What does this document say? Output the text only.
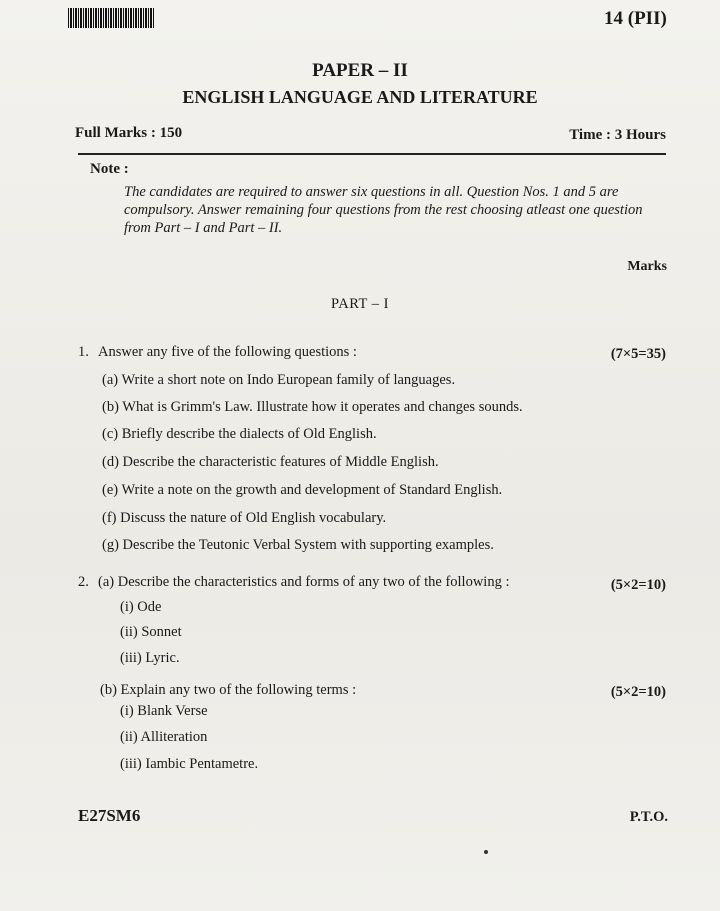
14 (PII)
PAPER – II
ENGLISH LANGUAGE AND LITERATURE
Full Marks : 150	Time : 3 Hours
Note :
The candidates are required to answer six questions in all. Question Nos. 1 and 5 are compulsory. Answer remaining four questions from the rest choosing atleast one question from Part – I and Part – II.
Marks
PART – I
1. Answer any five of the following questions :	(7×5=35)
(a) Write a short note on Indo European family of languages.
(b) What is Grimm's Law. Illustrate how it operates and changes sounds.
(c) Briefly describe the dialects of Old English.
(d) Describe the characteristic features of Middle English.
(e) Write a note on the growth and development of Standard English.
(f) Discuss the nature of Old English vocabulary.
(g) Describe the Teutonic Verbal System with supporting examples.
2. (a) Describe the characteristics and forms of any two of the following :	(5×2=10)
(i) Ode
(ii) Sonnet
(iii) Lyric.
(b) Explain any two of the following terms :	(5×2=10)
(i) Blank Verse
(ii) Alliteration
(iii) Iambic Pentametre.
E27SM6	P.T.O.
